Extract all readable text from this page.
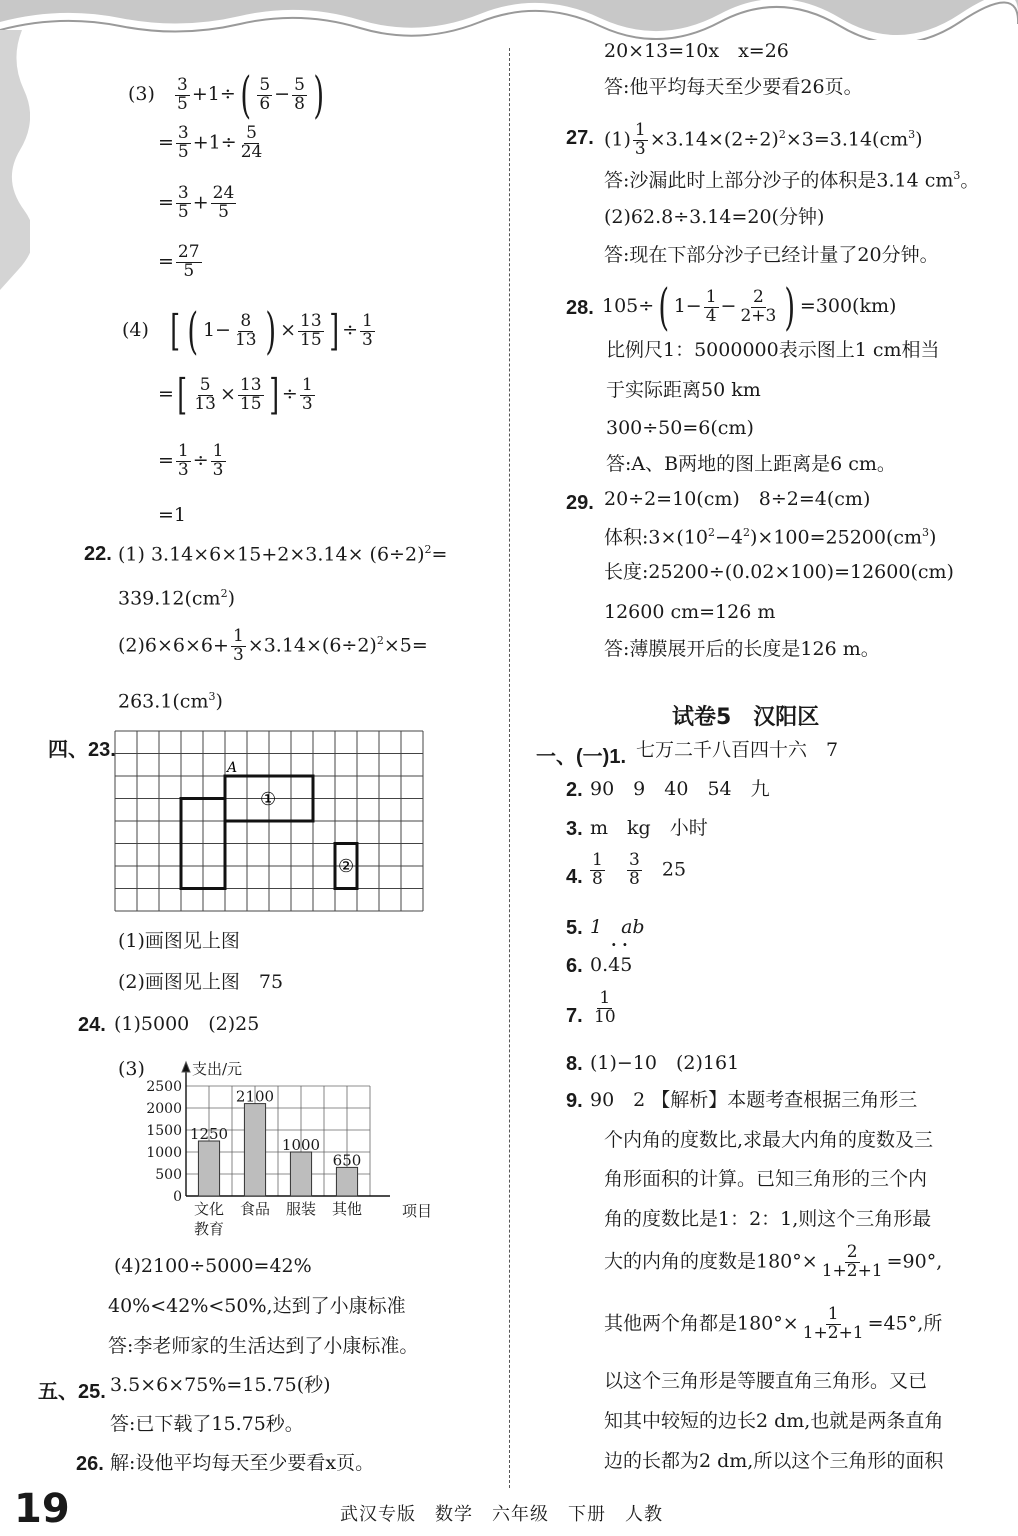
$(3) \frac{3}{5} +1\div( \frac{5}{6} - \frac{5}{8}$ )
= $\frac{3}{5} +1\div \frac{5}{24}$
= $\frac{3}{5} + \frac{24}{5}$
= $\frac{27}{5}$
(4) [ ( $1- \frac{8}{13}$ ) × $\frac{13}{15}$ ] ÷ $\frac{1}{3}$
=[ $\frac{5}{13} \times \frac{13}{15}$ ] ÷ $\frac{1}{3}$
= $\frac{1}{3} \div \frac{1}{3}$
=1
22. (1) $3.14\times 6\times 15+2\times 3.14\times (6\div 2)^2=$
$339.12(cm^2)$
$(2)6\times 6\times 6+ \frac{1}{3} \times 3.14\times(6\div 2)^2\times 5=$
$263.1(cm^3)$
四、23.
A
①
②
(1)画图见上图
(2)画图见上图　75
24. (1)5000　(2)25
(3)
0
500
1000
1500
2000
2500
支出/元
项目
1250
文化
教育
2100
食品
1000
服装
650
其他
(4)2100÷5000=42%
40%<42%<50%,达到了小康标准
答:李老师家的生活达到了小康标准。
五、25. 3.5×6×75%=15.75(秒)
答:已下载了15.75秒。
26. 解:设他平均每天至少要看x页。
20×13=10x　x=26
答:他平均每天至少要看26页。
27. $(1) \frac{1}{3} \times 3.14\times(2\div 2)^2\times 3=3.14(cm^3)$
答:沙漏此时上部分沙子的体积是3.14 $cm^3$。
(2)62.8÷3.14=20(分钟)
答:现在下部分沙子已经计量了20分钟。
28. 105÷( $1- \frac{1}{4} - \frac{2}{2+3}$ ) =300(km)
比例尺1：5000000表示图上1 cm相当
于实际距离50 km
300÷50=6(cm)
答:A、B两地的图上距离是6 cm。
29. 20÷2=10(cm)　8÷2=4(cm)
体积$:3\times(10^2-4^2)\times 100=25200(cm^3)$
长度:25200÷(0.02×100)=12600(cm)
12600 cm=126 m
答:薄膜展开后的长度是126 m。
试卷5　汉阳区
一、(一)1. 七万二千八百四十六　7
2. 90　9　40　54　九
3. m　kg　小时
4. $\frac{1}{8}$
$\frac{3}{8} 25$
5. 1　ab
· ·
6. 0.45
7. $\frac{1}{10}$
8. (1)−10　(2)161
9. 90　2 【解析】本题考查根据三角形三
个内角的度数比,求最大内角的度数及三
角形面积的计算。已知三角形的三个内
角的度数比是1：2：1,则这个三角形最
大的内角的度数是$180^\circ\times \frac{2}{1+2+1} =90^\circ$,
其他两个角都是$180^\circ\times \frac{1}{1+2+1} =45^\circ$,所
以这个三角形是等腰直角三角形。又已
知其中较短的边长2 dm,也就是两条直角
边的长都为2 dm,所以这个三角形的面积
19	武汉专版　数学　六年级　下册　人教
